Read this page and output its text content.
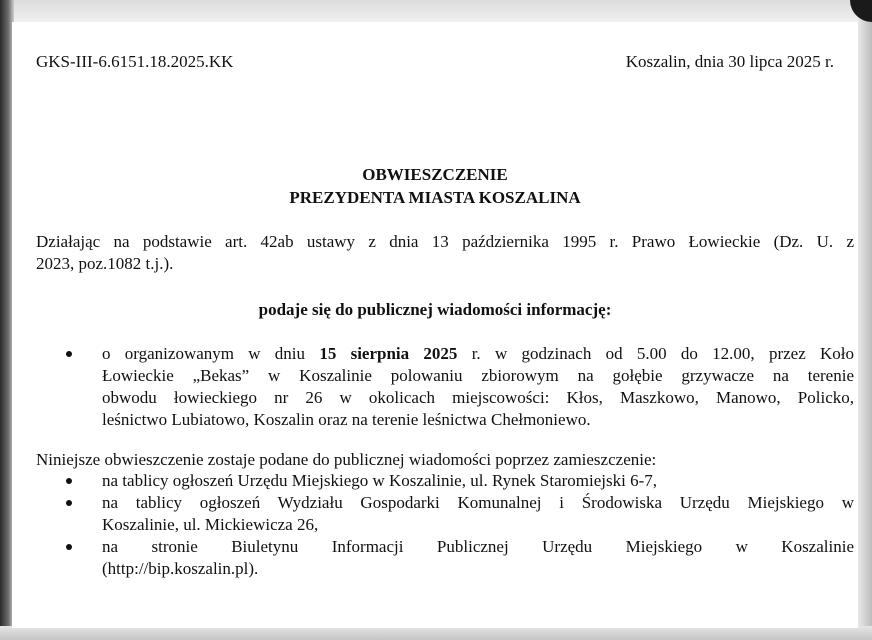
GKS-III-6.6151.18.2025.KK	Koszalin, dnia 30 lipca 2025 r.
OBWIESZCZENIE
PREZYDENTA MIASTA KOSZALINA
Działając na podstawie art. 42ab ustawy z dnia 13 października 1995 r. Prawo Łowieckie (Dz. U. z
2023, poz.1082 t.j.).
podaje się do publicznej wiadomości informację:
o organizowanym w dniu 15 sierpnia 2025 r. w godzinach od 5.00 do 12.00, przez Koło
Łowieckie „Bekas” w Koszalinie polowaniu zbiorowym na gołębie grzywacze na terenie
obwodu łowieckiego nr 26 w okolicach miejscowości: Kłos, Maszkowo, Manowo, Policko,
leśnictwo Lubiatowo, Koszalin oraz na terenie leśnictwa Chełmoniewo.
Niniejsze obwieszczenie zostaje podane do publicznej wiadomości poprzez zamieszczenie:
na tablicy ogłoszeń Urzędu Miejskiego w Koszalinie, ul. Rynek Staromiejski 6-7,
na tablicy ogłoszeń Wydziału Gospodarki Komunalnej i Środowiska Urzędu Miejskiego w
Koszalinie, ul. Mickiewicza 26,
na stronie Biuletynu Informacji Publicznej Urzędu Miejskiego w Koszalinie
(http://bip.koszalin.pl).
